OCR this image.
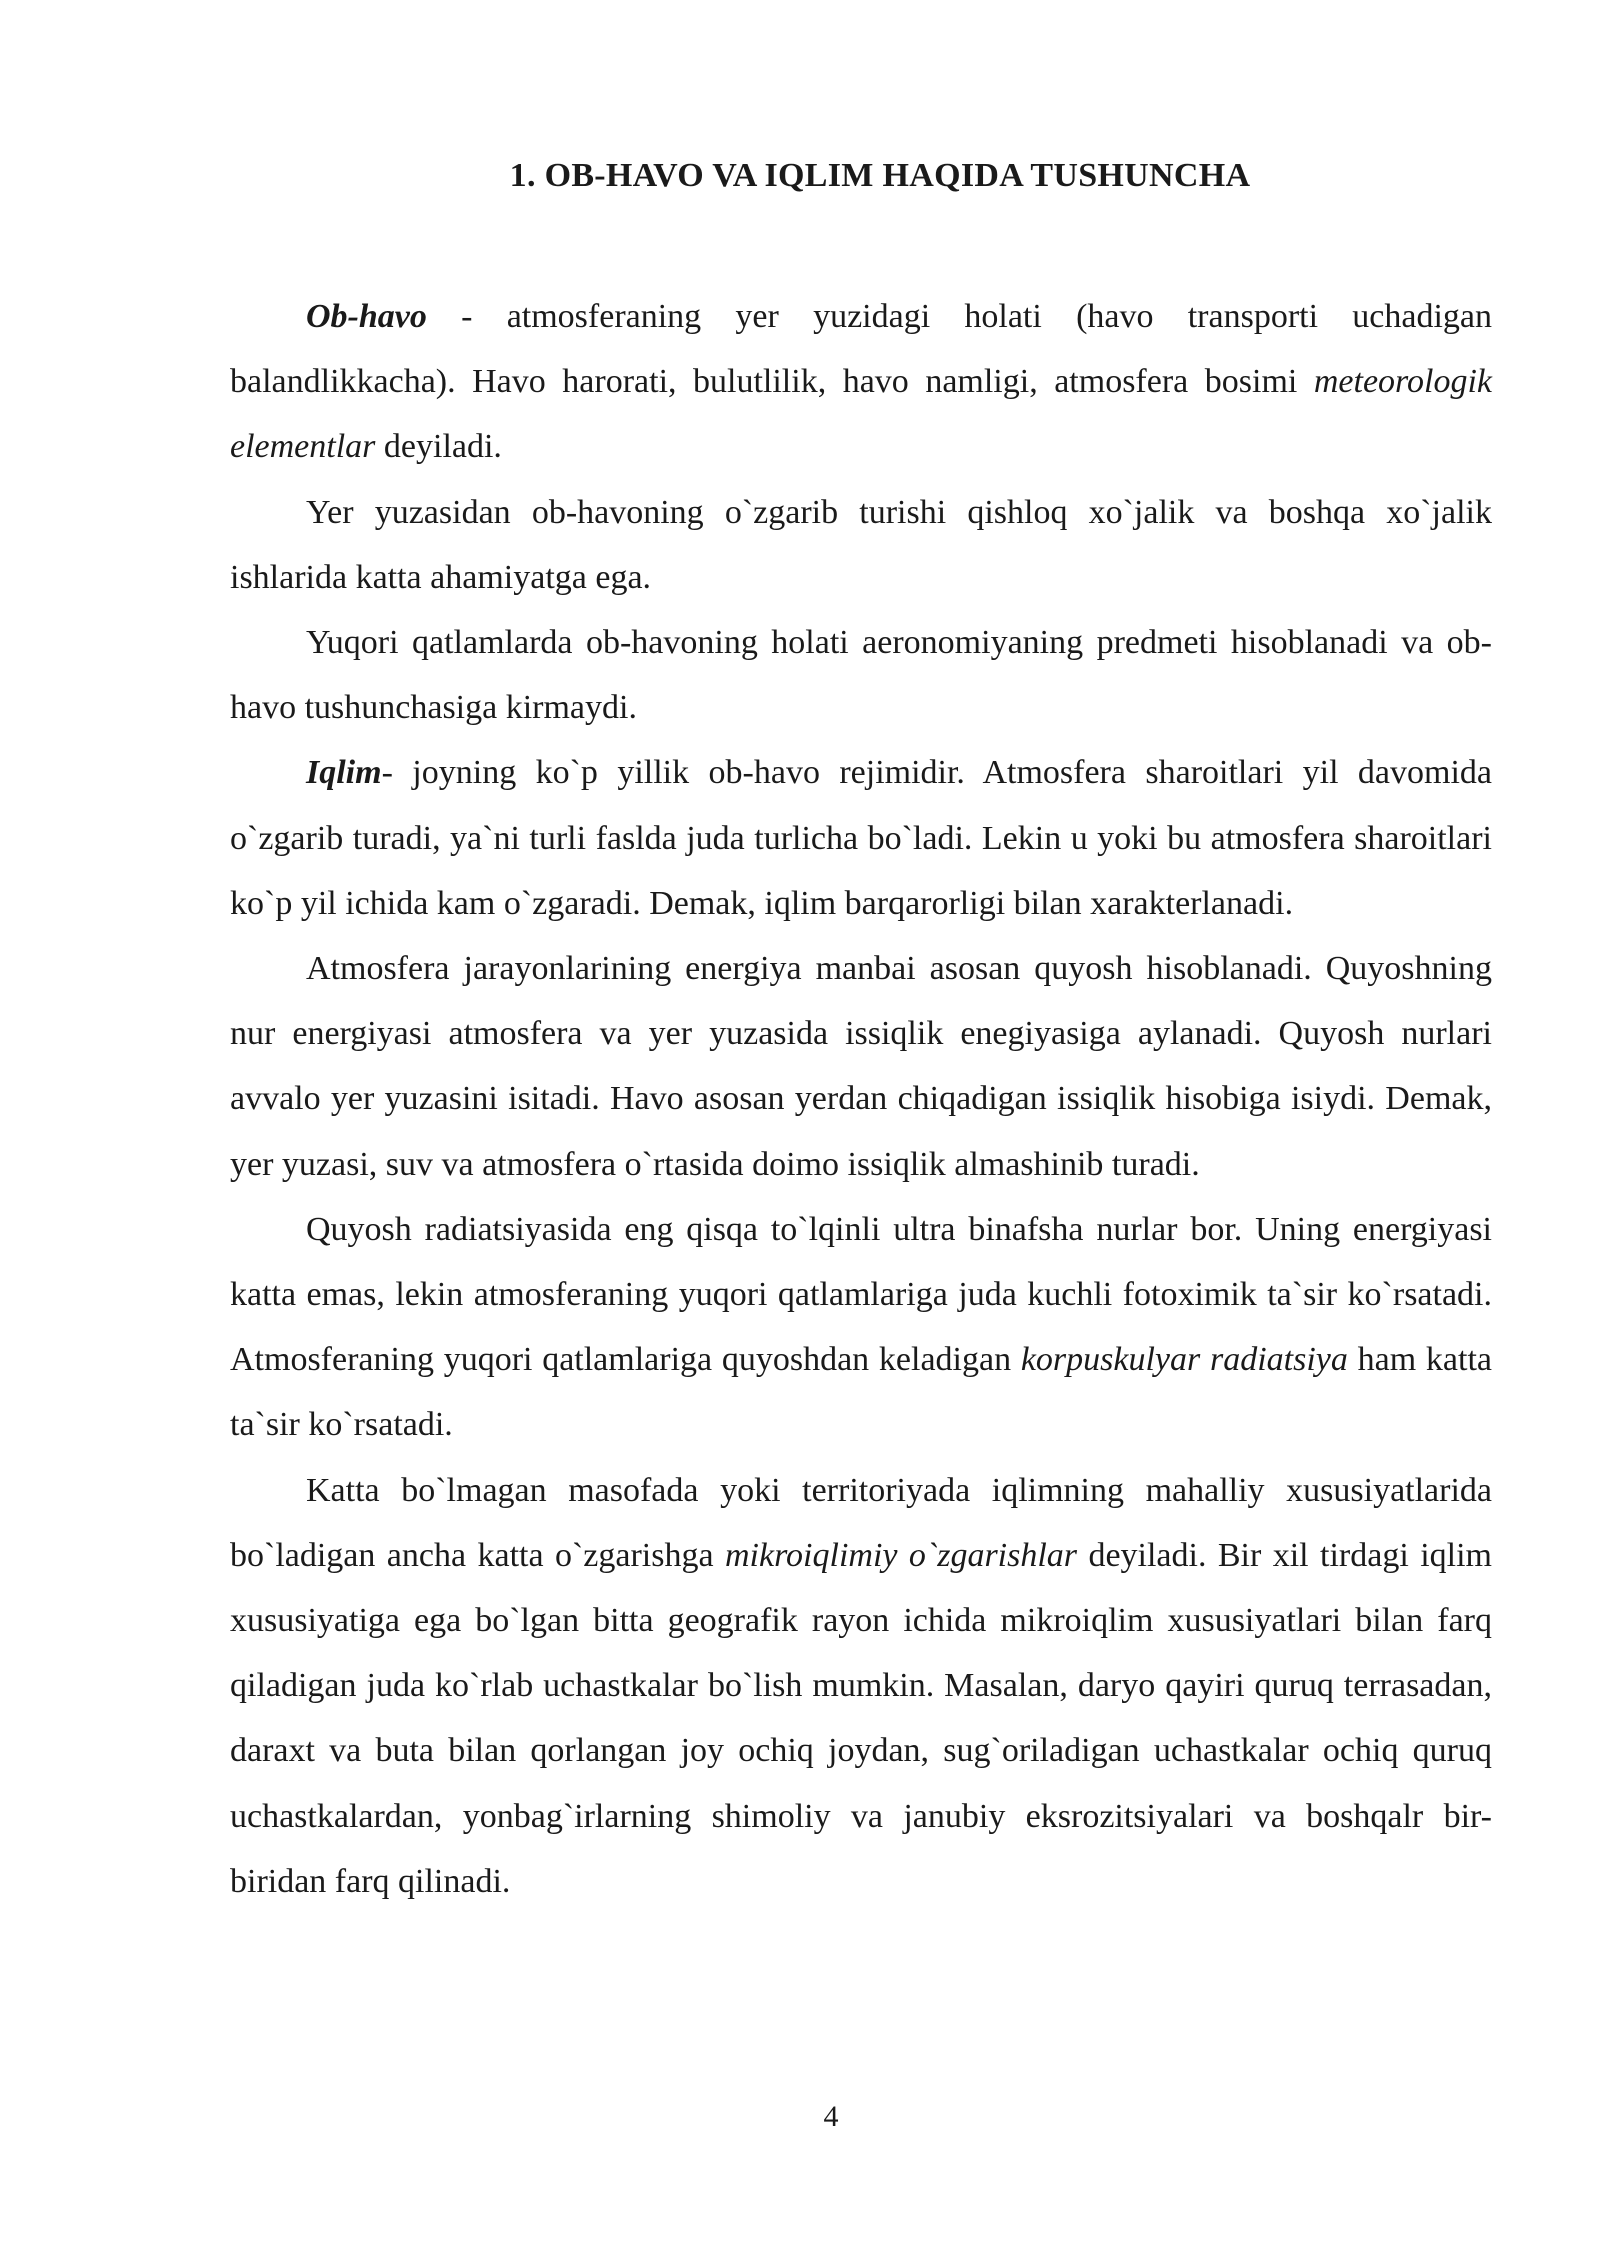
1. OB-HAVO VA IQLIM HAQIDA TUSHUNCHA

Ob-havo - atmosferaning yer yuzidagi holati (havo transporti uchadigan balandlikkacha). Havo harorati, bulutlilik, havo namligi, atmosfera bosimi meteorologik elementlar deyiladi.

Yer yuzasidan ob-havoning o`zgarib turishi qishloq xo`jalik va boshqa xo`jalik ishlarida katta ahamiyatga ega.

Yuqori qatlamlarda ob-havoning holati aeronomiyaning predmeti hisoblanadi va ob-havo tushunchasiga kirmaydi.

Iqlim- joyning ko`p yillik ob-havo rejimidir. Atmosfera sharoitlari yil davomida o`zgarib turadi, ya`ni turli faslda juda turlicha bo`ladi. Lekin u yoki bu atmosfera sharoitlari ko`p yil ichida kam o`zgaradi. Demak, iqlim barqarorligi bilan xarakterlanadi.

Atmosfera jarayonlarining energiya manbai asosan quyosh hisoblanadi. Quyoshning nur energiyasi atmosfera va yer yuzasida issiqlik enegiyasiga aylanadi. Quyosh nurlari avvalo yer yuzasini isitadi. Havo asosan yerdan chiqadigan issiqlik hisobiga isiydi. Demak, yer yuzasi, suv va atmosfera o`rtasida doimo issiqlik almashinib turadi.

Quyosh radiatsiyasida eng qisqa to`lqinli ultra binafsha nurlar bor. Uning energiyasi katta emas, lekin atmosferaning yuqori qatlamlariga juda kuchli fotoximik ta`sir ko`rsatadi. Atmosferaning yuqori qatlamlariga quyoshdan keladigan korpuskulyar radiatsiya ham katta ta`sir ko`rsatadi.

Katta bo`lmagan masofada yoki territoriyada iqlimning mahalliy xususiyatlarida bo`ladigan ancha katta o`zgarishga mikroiqlimiy o`zgarishlar deyiladi. Bir xil tirdagi iqlim xususiyatiga ega bo`lgan bitta geografik rayon ichida mikroiqlim xususiyatlari bilan farq qiladigan juda ko`rlab uchastkalar bo`lish mumkin. Masalan, daryo qayiri quruq terrasadan, daraxt va buta bilan qorlangan joy ochiq joydan, sug`oriladigan uchastkalar ochiq quruq uchastkalardan, yonbag`irlarning shimoliy va janubiy eksrozitsiyalari va boshqalr bir-biridan farq qilinadi.

4
